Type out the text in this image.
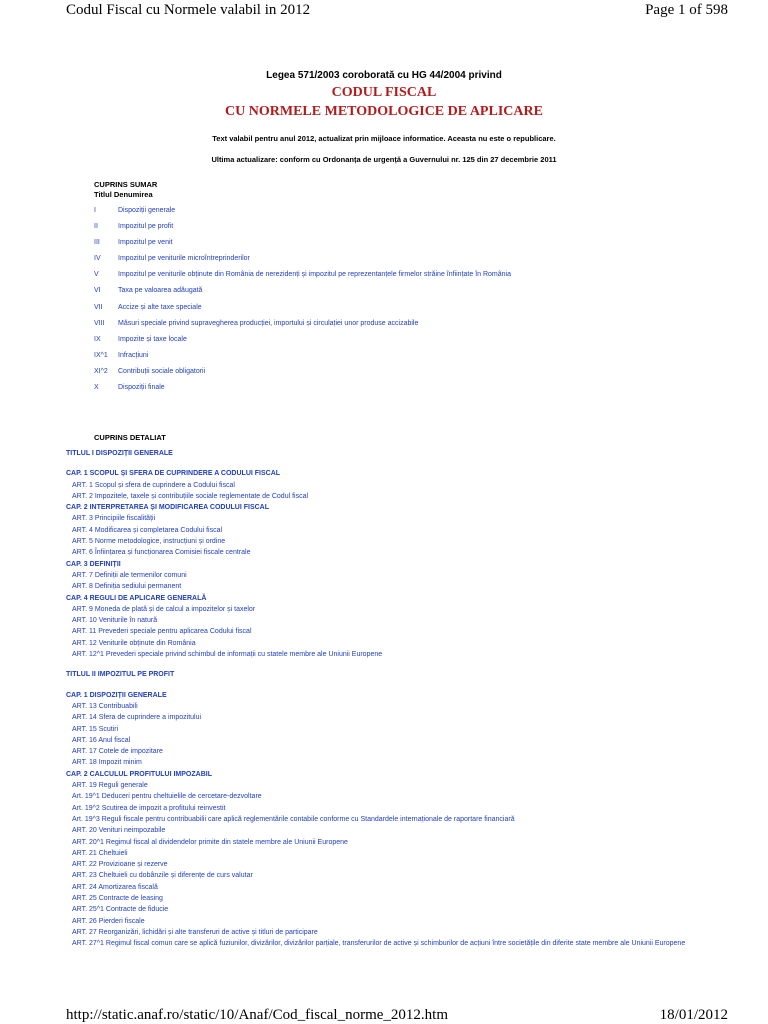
Codul Fiscal cu Normele valabil in 2012	Page 1 of 598
Legea 571/2003 coroborată cu HG 44/2004 privind
CODUL FISCAL
CU NORMELE METODOLOGICE DE APLICARE
Text valabil pentru anul 2012, actualizat prin mijloace informatice. Aceasta nu este o republicare.
Ultima actualizare: conform cu Ordonanța de urgență a Guvernului nr. 125 din 27 decembrie 2011
CUPRINS SUMAR
Titlul Denumirea
I	Dispoziții generale
II	Impozitul pe profit
III	Impozitul pe venit
IV	Impozitul pe veniturile microîntreprinderilor
V	Impozitul pe veniturile obținute din România de nerezidenți și impozitul pe reprezentanțele firmelor străine înființate în România
VI	Taxa pe valoarea adăugată
VII	Accize și alte taxe speciale
VIII	Măsuri speciale privind supravegherea producției, importului și circulației unor produse accizabile
IX	Impozite și taxe locale
IX^1	Infracțiuni
XI^2	Contribuții sociale obligatorii
X	Dispoziții finale
CUPRINS DETALIAT
TITLUL I DISPOZIȚII GENERALE
CAP. 1 SCOPUL ȘI SFERA DE CUPRINDERE A CODULUI FISCAL
ART. 1 Scopul și sfera de cuprindere a Codului fiscal
ART. 2 Impozitele, taxele și contribuțiile sociale reglementate de Codul fiscal
CAP. 2 INTERPRETAREA ȘI MODIFICAREA CODULUI FISCAL
ART. 3 Principiile fiscalității
ART. 4 Modificarea și completarea Codului fiscal
ART. 5 Norme metodologice, instrucțiuni și ordine
ART. 6 Înființarea și funcționarea Comisiei fiscale centrale
CAP. 3 DEFINIȚII
ART. 7 Definiții ale termenilor comuni
ART. 8 Definiția sediului permanent
CAP. 4 REGULI DE APLICARE GENERALĂ
ART. 9 Moneda de plată și de calcul a impozitelor și taxelor
ART. 10 Veniturile în natură
ART. 11 Prevederi speciale pentru aplicarea Codului fiscal
ART. 12 Veniturile obținute din România
ART. 12^1 Prevederi speciale privind schimbul de informații cu statele membre ale Uniunii Europene
TITLUL II IMPOZITUL PE PROFIT
CAP. 1 DISPOZIȚII GENERALE
ART. 13 Contribuabili
ART. 14 Sfera de cuprindere a impozitului
ART. 15 Scutiri
ART. 16 Anul fiscal
ART. 17 Cotele de impozitare
ART. 18 Impozit minim
CAP. 2 CALCULUL PROFITULUI IMPOZABIL
ART. 19 Reguli generale
Art. 19^1 Deduceri pentru cheltuielile de cercetare-dezvoltare
Art. 19^2 Scutirea de impozit a profitului reinvestit
Art. 19^3 Reguli fiscale pentru contribuabilii care aplică reglementările contabile conforme cu Standardele internaționale de raportare financiară
ART. 20 Venituri neimpozabile
ART. 20^1 Regimul fiscal al dividendelor primite din statele membre ale Uniunii Europene
ART. 21 Cheltuieli
ART. 22 Provizioane și rezerve
ART. 23 Cheltuieli cu dobânzile și diferențe de curs valutar
ART. 24 Amortizarea fiscală
ART. 25 Contracte de leasing
ART. 25^1 Contracte de fiducie
ART. 26 Pierderi fiscale
ART. 27 Reorganizări, lichidări și alte transferuri de active și titluri de participare
ART. 27^1 Regimul fiscal comun care se aplică fuziunilor, divizărilor, divizărilor parțiale, transferurilor de active și schimburilor de acțiuni între societățile din diferite state membre ale Uniunii Europene
http://static.anaf.ro/static/10/Anaf/Cod_fiscal_norme_2012.htm	18/01/2012
